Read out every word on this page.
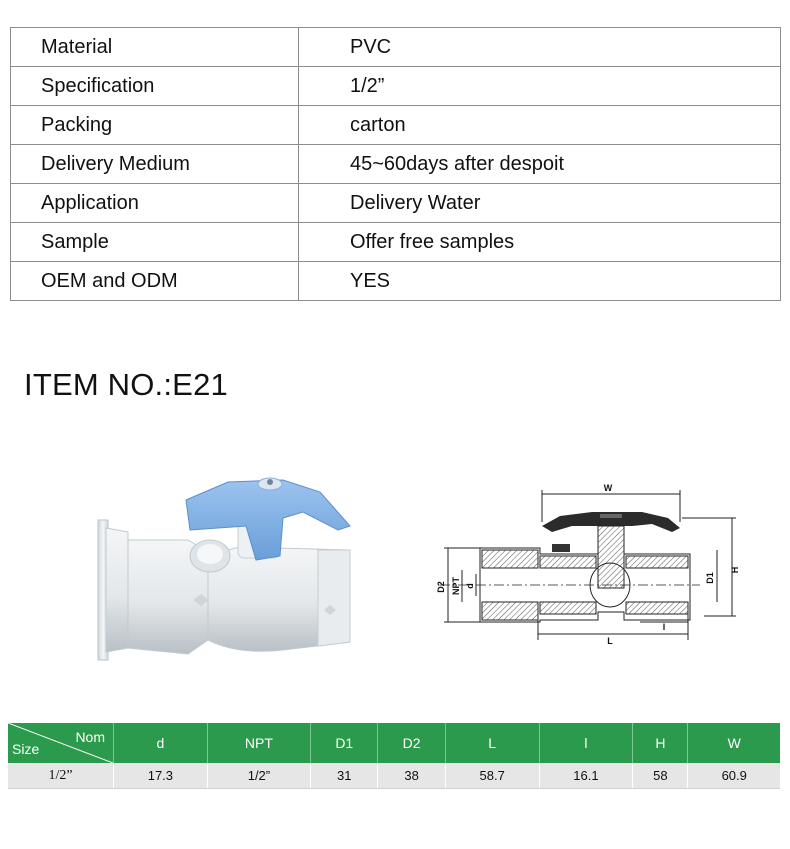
Material	PVC
Specification	1/2”
Packing	carton
Delivery Medium	45~60days after despoit
Application	Delivery Water
Sample	Offer free samples
OEM and ODM	YES
ITEM NO.:E21
W
H
D2 NPT d
D1
L
l
Nom
Size	d	NPT	D1	D2	L	l	H	W
1/2”	17.3	1/2”	31	38	58.7	16.1	58	60.9
